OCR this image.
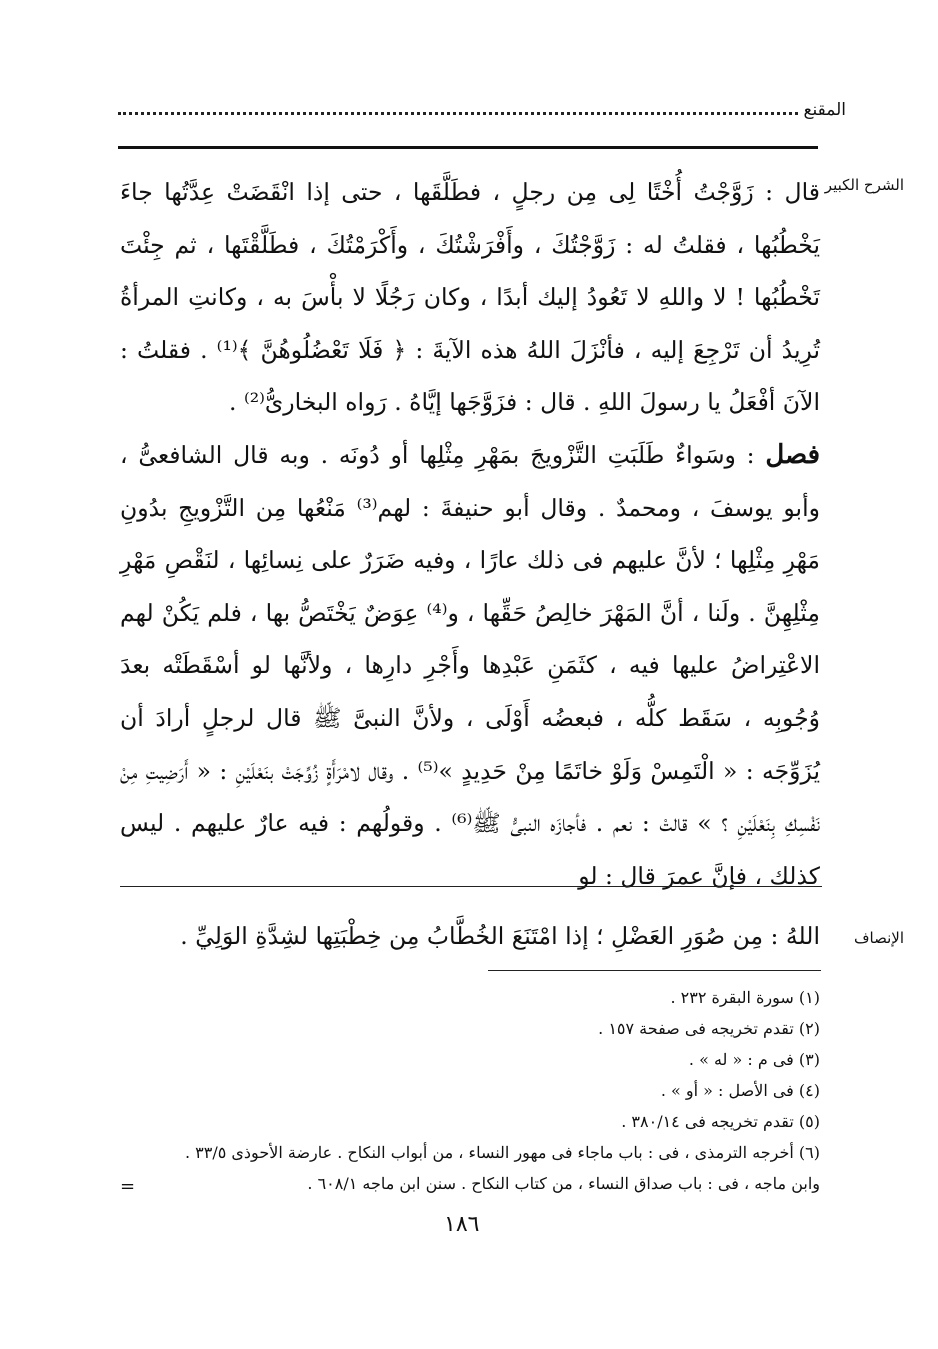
المقنع
الشرح الكبير

قال : زَوَّجْتُ أُخْتًا لِى مِن رجلٍ ، فطَلَّقَها ، حتى إذا انْقَضَتْ عِدَّتُها جاءَ يَخْطُبُها ، فقلتُ له : زَوَّجْتُكَ ، وأَفْرَشْتُكَ ، وأَكْرَمْتُكَ ، فطَلَّقْتَها ، ثم جِئْتَ تَخْطُبُها ! لا واللهِ لا تَعُودُ إليك أبدًا ، وكان رَجُلًا لا بأْسَ به ، وكانتِ المرأةُ تُرِيدُ أن تَرْجِعَ إليه ، فأنْزَلَ اللهُ هذه الآيةَ : ﴿ فَلَا تَعْضُلُوهُنَّ ﴾⁽¹⁾ . فقلتُ : الآنَ أفْعَلُ يا رسولَ اللهِ . قال : فزَوَّجَها إيَّاهُ . رَواه البخارىُّ⁽²⁾ .

فصل : وسَواءٌ طَلَبَتِ التَّزْويجَ بمَهْرِ مِثْلِها أو دُونَه . وبه قال الشافعىُّ ، وأبو يوسفَ ، ومحمدٌ . وقال أبو حنيفةَ : لهم⁽³⁾ مَنْعُها مِن التَّزْويجِ بدُونِ مَهْرِ مِثْلِها ؛ لأنَّ عليهم فى ذلك عارًا ، وفيه ضَرَرٌ على نِسائِها ، لنَقْصِ مَهْرِ مِثْلِهِنَّ . ولَنا ، أنَّ المَهْرَ خالِصُ حَقِّها ، و⁽⁴⁾ عِوَضٌ يَخْتَصُّ بها ، فلم يَكُنْ لهم الاعْتِراضُ عليها فيه ، كثَمَنِ عَبْدِها وأَجْرِ دارِها ، ولأنَّها لو أسْقَطَتْه بعدَ وُجُوبِه ، سَقَط كلُّه ، فبعضُه أَوْلَى ، ولأنَّ النبىَّ ﷺ قال لرجلٍ أرادَ أن يُزَوِّجَه : « الْتَمِسْ وَلَوْ خاتَمًا مِنْ حَدِيدٍ »⁽⁵⁾ . وقال لامْرَأَةٍ زُوِّجَتْ بنَعْلَيْنِ : « أَرَضِيتِ مِنْ نَفْسِكِ بِنَعْلَيْنِ ؟ » قالتْ : نعم . فأجازَه النبىُّ ﷺ⁽⁶⁾ . وقولُهم : فيه عارٌ عليهم . ليس كذلك ، فإنَّ عمرَ قال : لو

الإنصاف
اللهُ : مِن صُوَرِ العَضْلِ ؛ إذا امْتَنَعَ الخُطَّابُ مِن خِطْبَتِها لشِدَّةِ الوَلِيِّ .
(١) سورة البقرة ٢٣٢ .
(٢) تقدم تخريجه فى صفحة ١٥٧ .
(٣) فى م : « له » .
(٤) فى الأصل : « أو » .
(٥) تقدم تخريجه فى ٣٨٠/١٤ .
(٦) أخرجه الترمذى ، فى : باب ماجاء فى مهور النساء ، من أبواب النكاح . عارضة الأحوذى ٣٣/٥ .
وابن ماجه ، فى : باب صداق النساء ، من كتاب النكاح . سنن ابن ماجه ٦٠٨/١ .
=
١٨٦
